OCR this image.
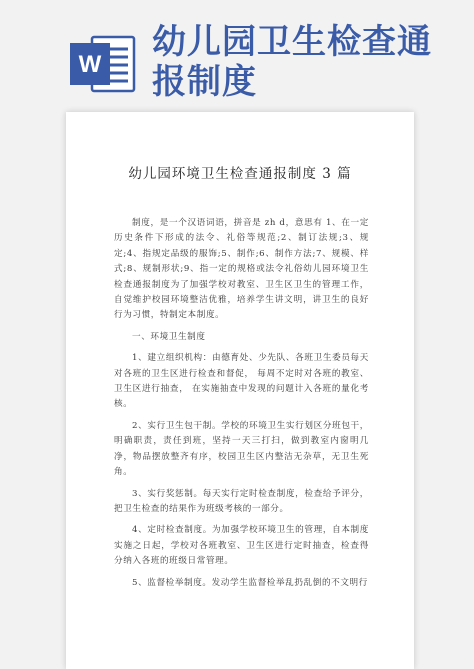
W
幼儿园卫生检查通报制度
幼儿园环境卫生检查通报制度 3 篇

制度，是一个汉语词语，拼音是 zh d，意思有 1、在一定历史条件下形成的法令、礼俗等规范;2、制订法规;3、规定;4、指规定品级的服饰;5、制作;6、制作方法;7、规模、样式;8、规制形状;9、指一定的规格或法令礼俗幼儿园环境卫生检查通报制度为了加强学校对教室、卫生区卫生的管理工作，自觉维护校园环境整洁优雅，培养学生讲文明，讲卫生的良好行为习惯，特制定本制度。

一、环境卫生制度

1、建立组织机构：由德育处、少先队、各班卫生委员每天对各班的卫生区进行检查和督促， 每周不定时对各班的教室、卫生区进行抽查， 在实施抽查中发现的问题计入各班的量化考核。

2、实行卫生包干制。学校的环境卫生实行划区分班包干，明确职责，责任到班，坚持一天三打扫，做到教室内窗明几净，物品摆放整齐有序，校园卫生区内整洁无杂草，无卫生死角。

3、实行奖惩制。每天实行定时检查制度，检查给予评分，把卫生检查的结果作为班级考核的一部分。

4、定时检查制度。为加强学校环境卫生的管理，自本制度实施之日起，学校对各班教室、卫生区进行定时抽查，检查得分纳入各班的班级日常管理。

5、监督检举制度。发动学生监督检举乱扔乱倒的不文明行
